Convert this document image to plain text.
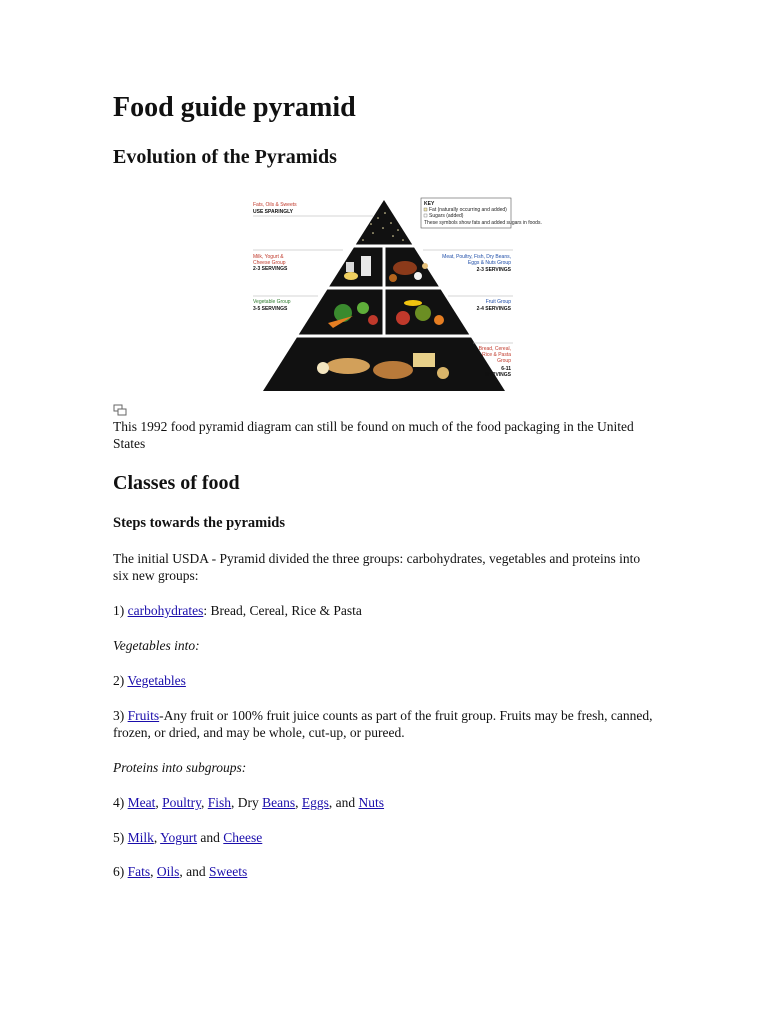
Food guide pyramid
Evolution of the Pyramids
Fats, Oils & Sweets
USE SPARINGLY
KEY
Fat (naturally occurring and added)
Sugars (added)
These symbols show fats and added sugars in foods.
Milk, Yogurt &
Cheese Group
2-3 SERVINGS
Meat, Poultry, Fish, Dry Beans,
Eggs & Nuts Group
2-3 SERVINGS
Vegetable Group
3-5 SERVINGS
Fruit Group
2-4 SERVINGS
Bread, Cereal,
Rice & Pasta
Group
6-11
SERVINGS

This 1992 food pyramid diagram can still be found on much of the food packaging in the United States

Classes of food
Steps towards the pyramids

The initial USDA - Pyramid divided the three groups: carbohydrates, vegetables and proteins into six new groups:

1) carbohydrates: Bread, Cereal, Rice & Pasta

Vegetables into:

2) Vegetables

3) Fruits-Any fruit or 100% fruit juice counts as part of the fruit group. Fruits may be fresh, canned, frozen, or dried, and may be whole, cut-up, or pureed.

Proteins into subgroups:

4) Meat, Poultry, Fish, Dry Beans, Eggs, and Nuts

5) Milk, Yogurt and Cheese

6) Fats, Oils, and Sweets
